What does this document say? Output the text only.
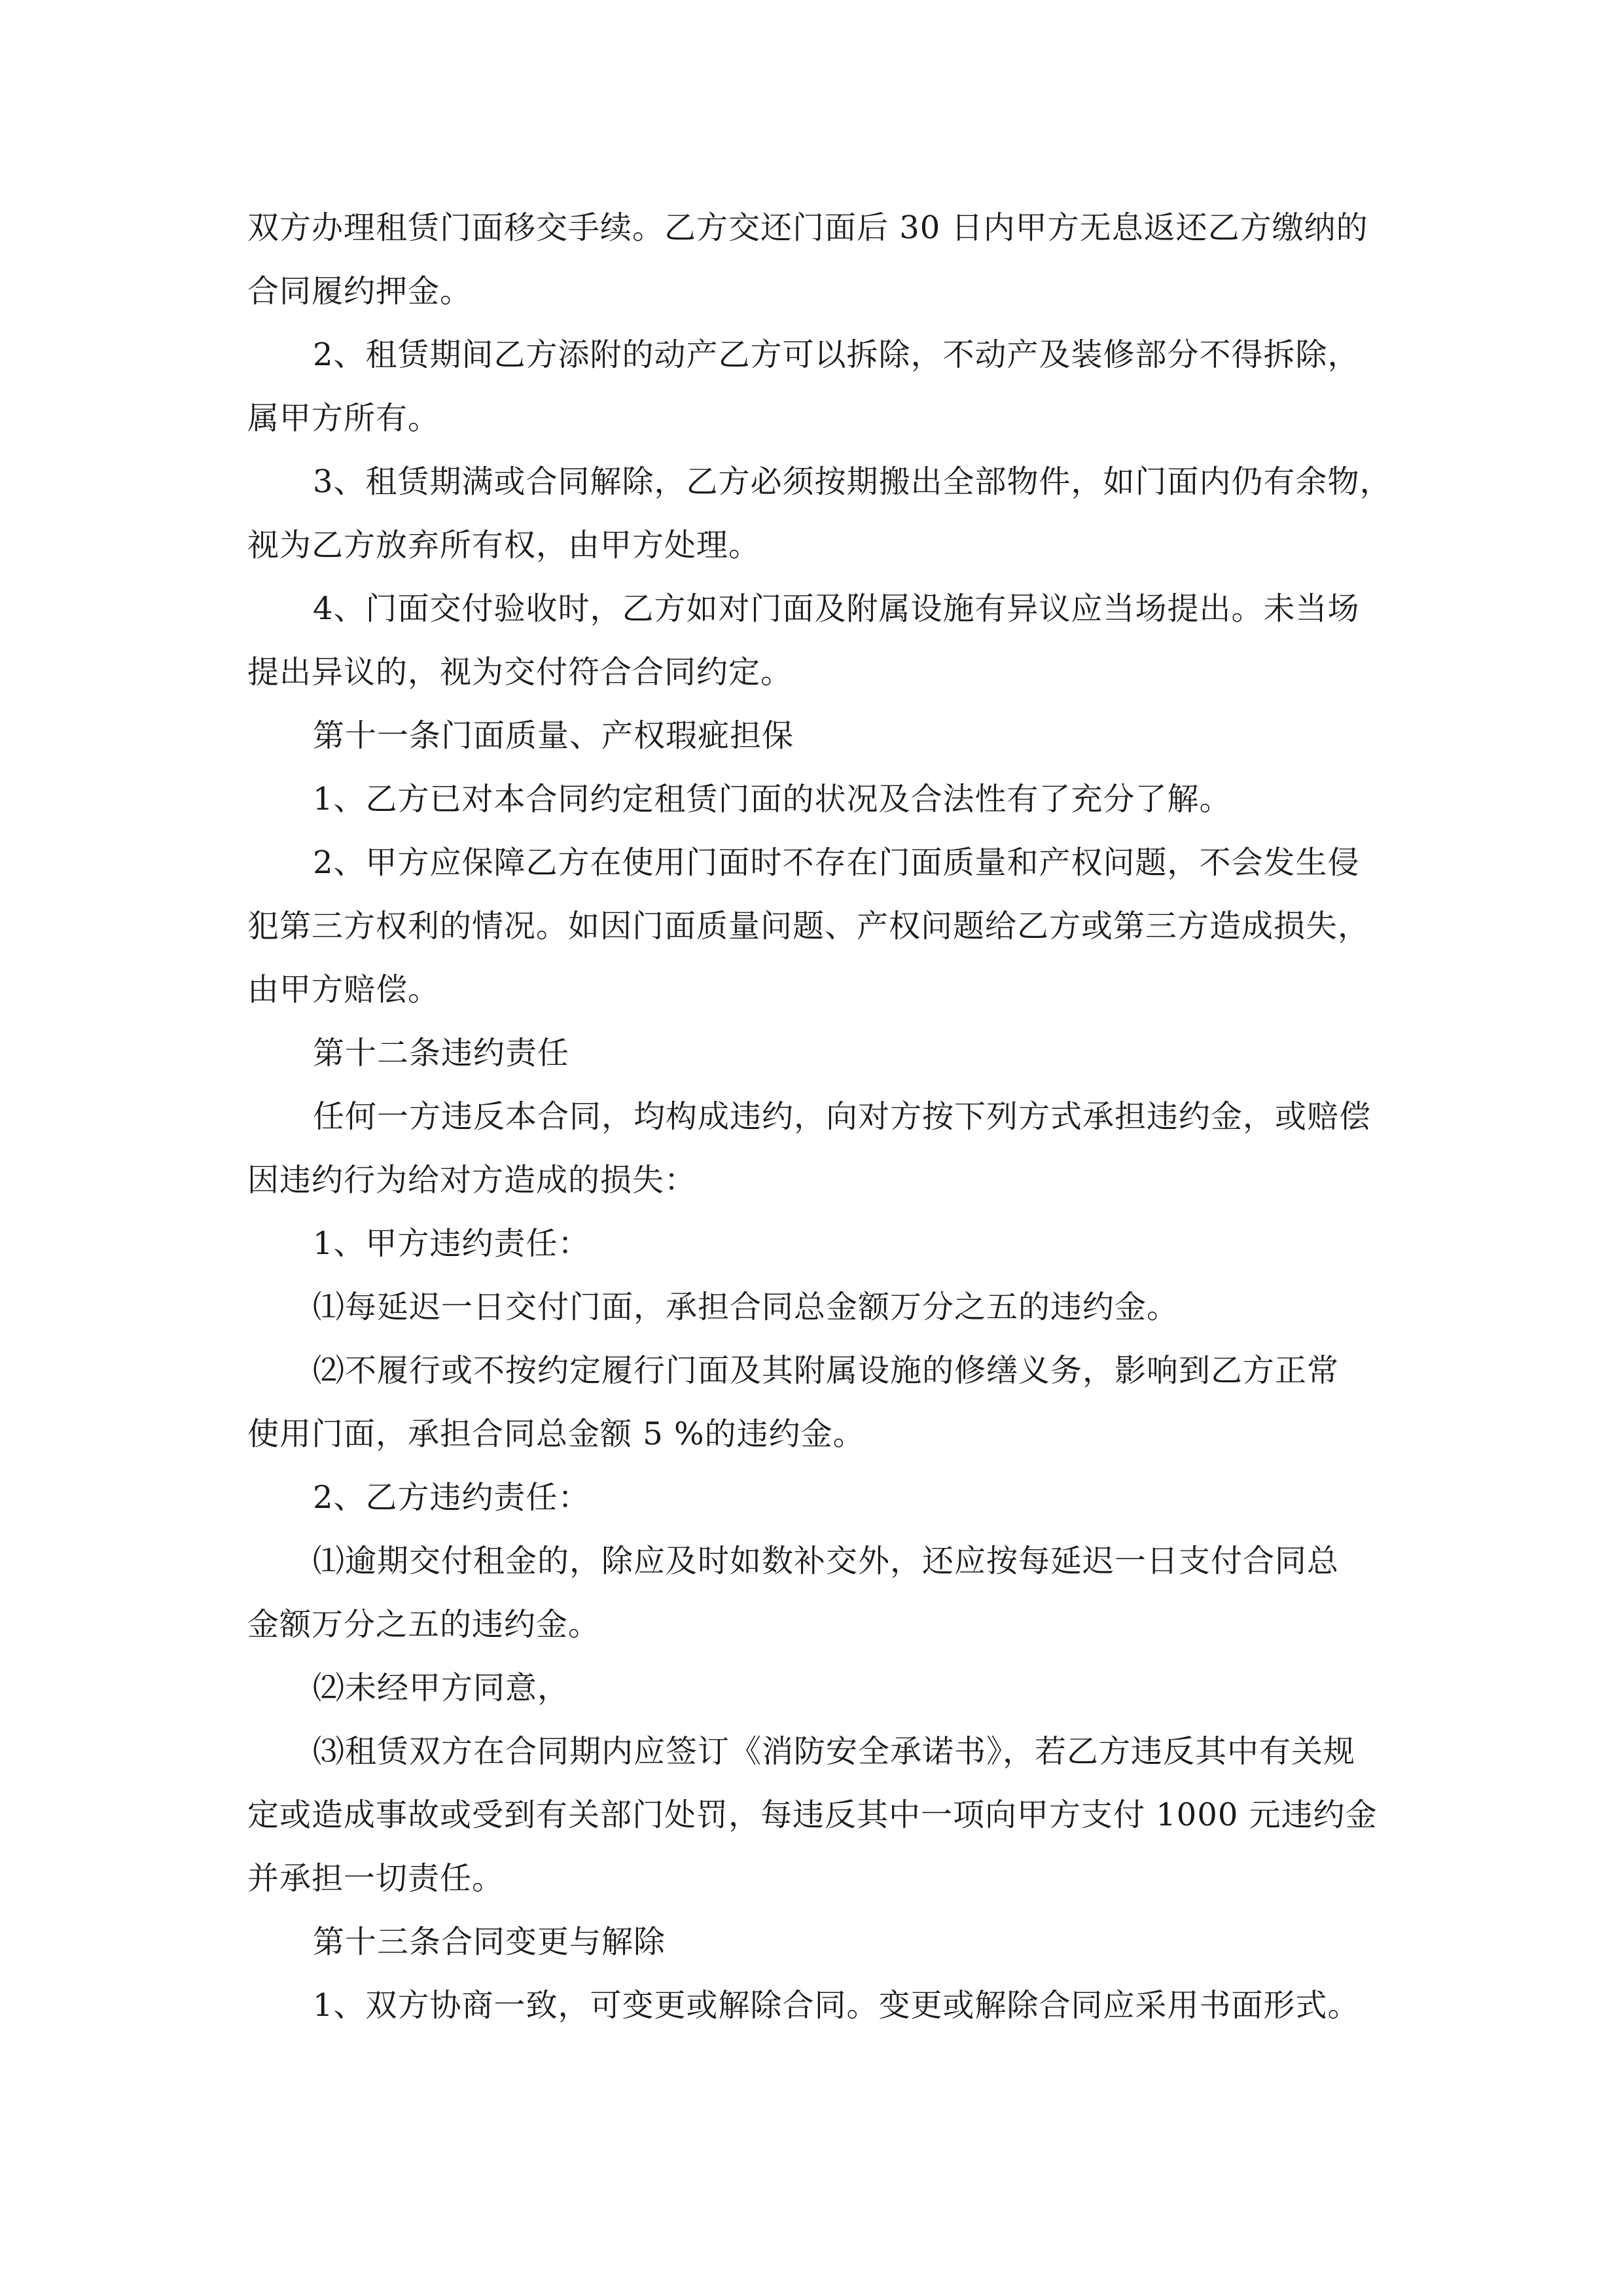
双方办理租赁门面移交手续。乙方交还门面后 30 日内甲方无息返还乙方缴纳的

合同履约押金。

2、租赁期间乙方添附的动产乙方可以拆除，不动产及装修部分不得拆除，

属甲方所有。

3、租赁期满或合同解除，乙方必须按期搬出全部物件，如门面内仍有余物，

视为乙方放弃所有权，由甲方处理。

4、门面交付验收时，乙方如对门面及附属设施有异议应当场提出。未当场

提出异议的，视为交付符合合同约定。

第十一条门面质量、产权瑕疵担保

1、乙方已对本合同约定租赁门面的状况及合法性有了充分了解。

2、甲方应保障乙方在使用门面时不存在门面质量和产权问题，不会发生侵

犯第三方权利的情况。如因门面质量问题、产权问题给乙方或第三方造成损失，

由甲方赔偿。

第十二条违约责任

任何一方违反本合同，均构成违约，向对方按下列方式承担违约金，或赔偿

因违约行为给对方造成的损失：

1、甲方违约责任：

⑴每延迟一日交付门面，承担合同总金额万分之五的违约金。

⑵不履行或不按约定履行门面及其附属设施的修缮义务，影响到乙方正常

使用门面，承担合同总金额 5 %的违约金。

2、乙方违约责任：

⑴逾期交付租金的，除应及时如数补交外，还应按每延迟一日支付合同总

金额万分之五的违约金。

⑵未经甲方同意，

⑶租赁双方在合同期内应签订《消防安全承诺书》，若乙方违反其中有关规

定或造成事故或受到有关部门处罚，每违反其中一项向甲方支付 1000 元违约金

并承担一切责任。

第十三条合同变更与解除

1、双方协商一致，可变更或解除合同。变更或解除合同应采用书面形式。
